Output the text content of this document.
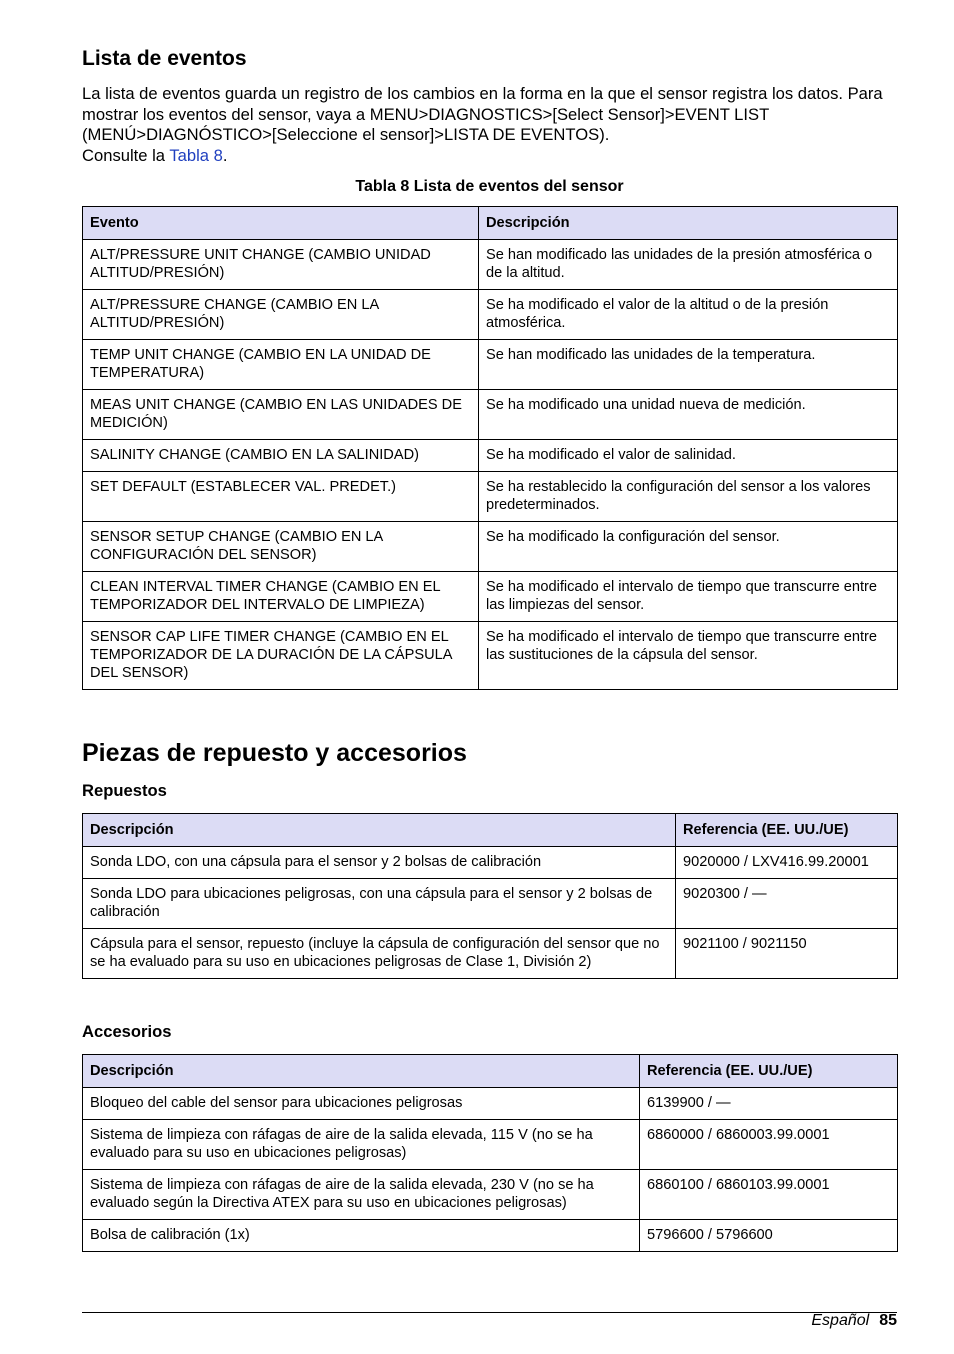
Lista de eventos
La lista de eventos guarda un registro de los cambios en la forma en la que el sensor registra los datos. Para mostrar los eventos del sensor, vaya a MENU>DIAGNOSTICS>[Select Sensor]>EVENT LIST (MENÚ>DIAGNÓSTICO>[Seleccione el sensor]>LISTA DE EVENTOS).
Consulte la Tabla 8.
Tabla 8 Lista de eventos del sensor
Evento	Descripción
ALT/PRESSURE UNIT CHANGE (CAMBIO UNIDAD ALTITUD/PRESIÓN)	Se han modificado las unidades de la presión atmosférica o de la altitud.
ALT/PRESSURE CHANGE (CAMBIO EN LA ALTITUD/PRESIÓN)	Se ha modificado el valor de la altitud o de la presión atmosférica.
TEMP UNIT CHANGE (CAMBIO EN LA UNIDAD DE TEMPERATURA)	Se han modificado las unidades de la temperatura.
MEAS UNIT CHANGE (CAMBIO EN LAS UNIDADES DE MEDICIÓN)	Se ha modificado una unidad nueva de medición.
SALINITY CHANGE (CAMBIO EN LA SALINIDAD)	Se ha modificado el valor de salinidad.
SET DEFAULT (ESTABLECER VAL. PREDET.)	Se ha restablecido la configuración del sensor a los valores predeterminados.
SENSOR SETUP CHANGE (CAMBIO EN LA CONFIGURACIÓN DEL SENSOR)	Se ha modificado la configuración del sensor.
CLEAN INTERVAL TIMER CHANGE (CAMBIO EN EL TEMPORIZADOR DEL INTERVALO DE LIMPIEZA)	Se ha modificado el intervalo de tiempo que transcurre entre las limpiezas del sensor.
SENSOR CAP LIFE TIMER CHANGE (CAMBIO EN EL TEMPORIZADOR DE LA DURACIÓN DE LA CÁPSULA DEL SENSOR)	Se ha modificado el intervalo de tiempo que transcurre entre las sustituciones de la cápsula del sensor.
Piezas de repuesto y accesorios
Repuestos
Descripción	Referencia (EE. UU./UE)
Sonda LDO, con una cápsula para el sensor y 2 bolsas de calibración	9020000 / LXV416.99.20001
Sonda LDO para ubicaciones peligrosas, con una cápsula para el sensor y 2 bolsas de calibración	9020300 / —
Cápsula para el sensor, repuesto (incluye la cápsula de configuración del sensor que no se ha evaluado para su uso en ubicaciones peligrosas de Clase 1, División 2)	9021100 / 9021150
Accesorios
Descripción	Referencia (EE. UU./UE)
Bloqueo del cable del sensor para ubicaciones peligrosas	6139900 / —
Sistema de limpieza con ráfagas de aire de la salida elevada, 115 V (no se ha evaluado para su uso en ubicaciones peligrosas)	6860000 / 6860003.99.0001
Sistema de limpieza con ráfagas de aire de la salida elevada, 230 V (no se ha evaluado según la Directiva ATEX para su uso en ubicaciones peligrosas)	6860100 / 6860103.99.0001
Bolsa de calibración (1x)	5796600 / 5796600
Español 85
